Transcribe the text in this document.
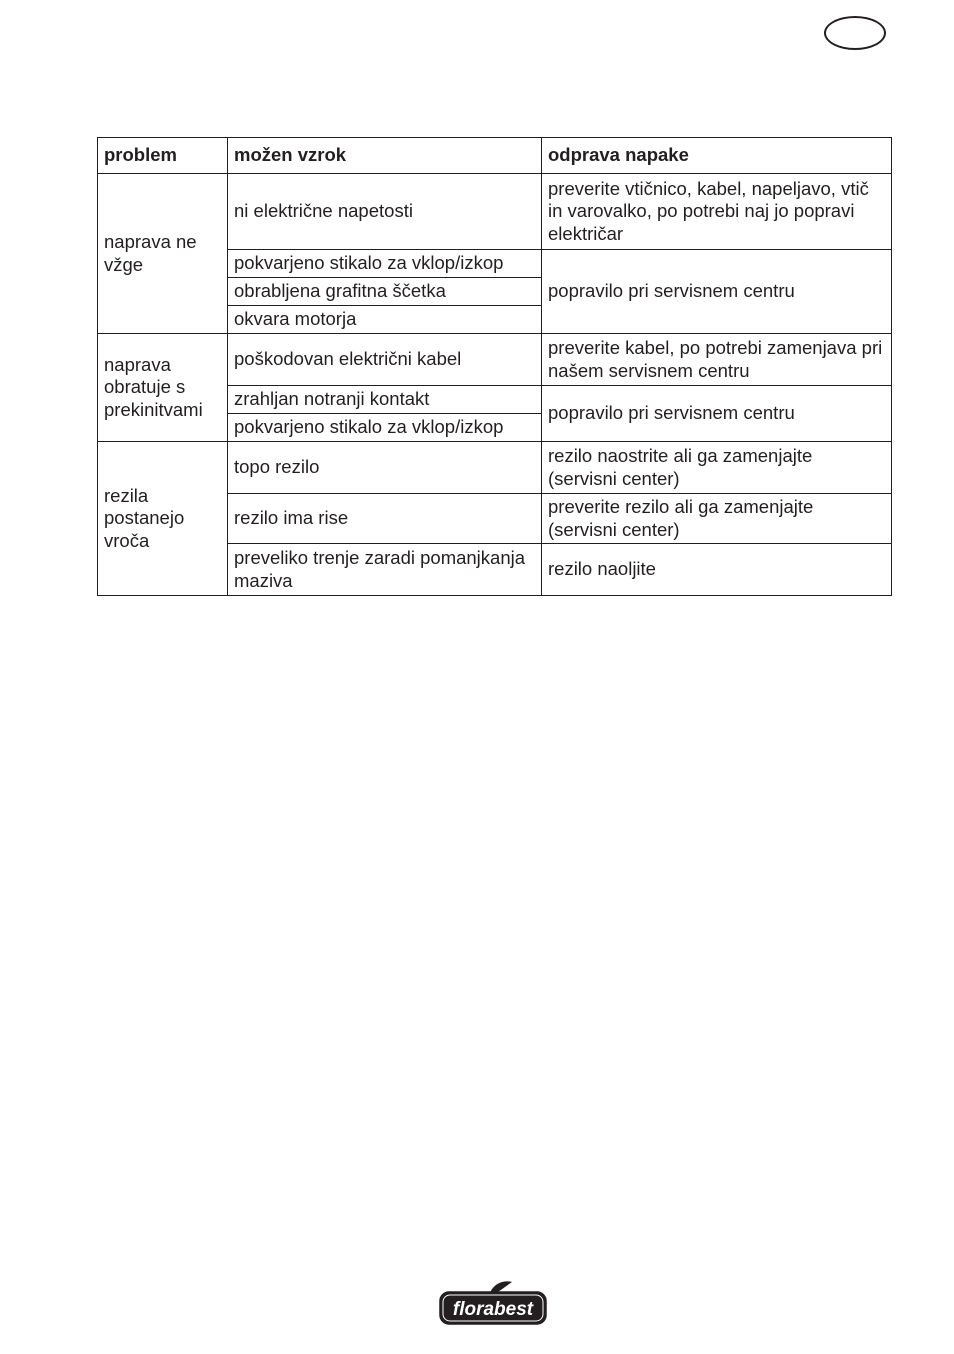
problem	možen vzrok	odprava napake
naprava ne vžge	ni električne napetosti	preverite vtičnico, kabel, napeljavo, vtič in varovalko, po potrebi naj jo popravi električar
	pokvarjeno stikalo za vklop/izkop	popravilo pri servisnem centru
	obrabljena grafitna ščetka	
	okvara motorja	
naprava obratuje s prekinitvami	poškodovan električni kabel	preverite kabel, po potrebi zamenjava pri našem servisnem centru
	zrahljan notranji kontakt	popravilo pri servisnem centru
	pokvarjeno stikalo za vklop/izkop	
rezila postanejo vroča	topo rezilo	rezilo naostrite ali ga zamenjajte (servisni center)
	rezilo ima rise	preverite rezilo ali ga zamenjajte (servisni center)
	preveliko trenje zaradi pomanjkanja maziva	rezilo naoljite
florabest
